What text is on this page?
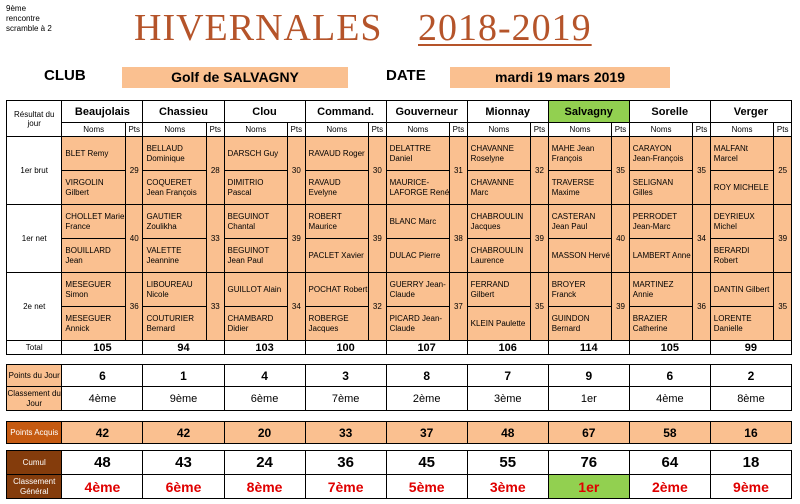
9ème
rencontre
scramble à 2 HIVERNALES 2018-2019
CLUB	Golf de SALVAGNY	DATE	mardi 19 mars 2019
Résultat du jour	Beaujolais		Chassieu		Clou		Command.		Gouverneur		Mionnay		Salvagny		Sorelle		Verger	
	Noms	Pts	Noms	Pts	Noms	Pts	Noms	Pts	Noms	Pts	Noms	Pts	Noms	Pts	Noms	Pts	Noms	Pts
1er brut	BLET Remy	29	BELLAUD Dominique	28	DARSCH Guy	30	RAVAUD Roger	30	DELATTRE Daniel	31	CHAVANNE Roselyne	32	MAHE Jean François	35	CARAYON Jean-François	35	MALFANt Marcel	25
	VIRGOLIN Gilbert		COQUERET Jean François		DIMITRIO Pascal		RAVAUD Evelyne		MAURICE-LAFORGE René		CHAVANNE Marc		TRAVERSE Maxime		SELIGNAN Gilles		ROY MICHELE	
1er net	CHOLLET Marie France	40	GAUTIER Zoulikha	33	BEGUINOT Chantal	39	ROBERT Maurice	39	BLANC Marc	38	CHABROULIN Jacques	39	CASTERAN Jean Paul	40	PERRODET Jean-Marc	34	DEYRIEUX Michel	39
	BOUILLARD Jean		VALETTE Jeannine		BEGUINOT Jean Paul		PACLET Xavier		DULAC Pierre		CHABROULIN Laurence		MASSON Hervé		LAMBERT Anne		BERARDI Robert	
2e net	MESEGUER Simon	36	LIBOUREAU Nicole	33	GUILLOT Alain	34	POCHAT Robert	32	GUERRY Jean-Claude	37	FERRAND Gilbert	35	BROYER Franck	39	MARTINEZ Annie	36	DANTIN Gilbert	35
	MESEGUER Annick		COUTURIER Bernard		CHAMBARD Didier		ROBERGE Jacques		PICARD Jean-Claude		KLEIN Paulette		GUINDON Bernard		BRAZIER Catherine		LORENTE Danielle	
Total	105		94		103		100		107		106		114		105		99	
Points du Jour	6	1	4	3	8	7	9	6	2
Classement du Jour	4ème	9ème	6ème	7ème	2ème	3ème	1er	4ème	8ème
Points Acquis	42	42	20	33	37	48	67	58	16
Cumul	48	43	24	36	45	55	76	64	18
Classement Général	4ème	6ème	8ème	7ème	5ème	3ème	1er	2ème	9ème
